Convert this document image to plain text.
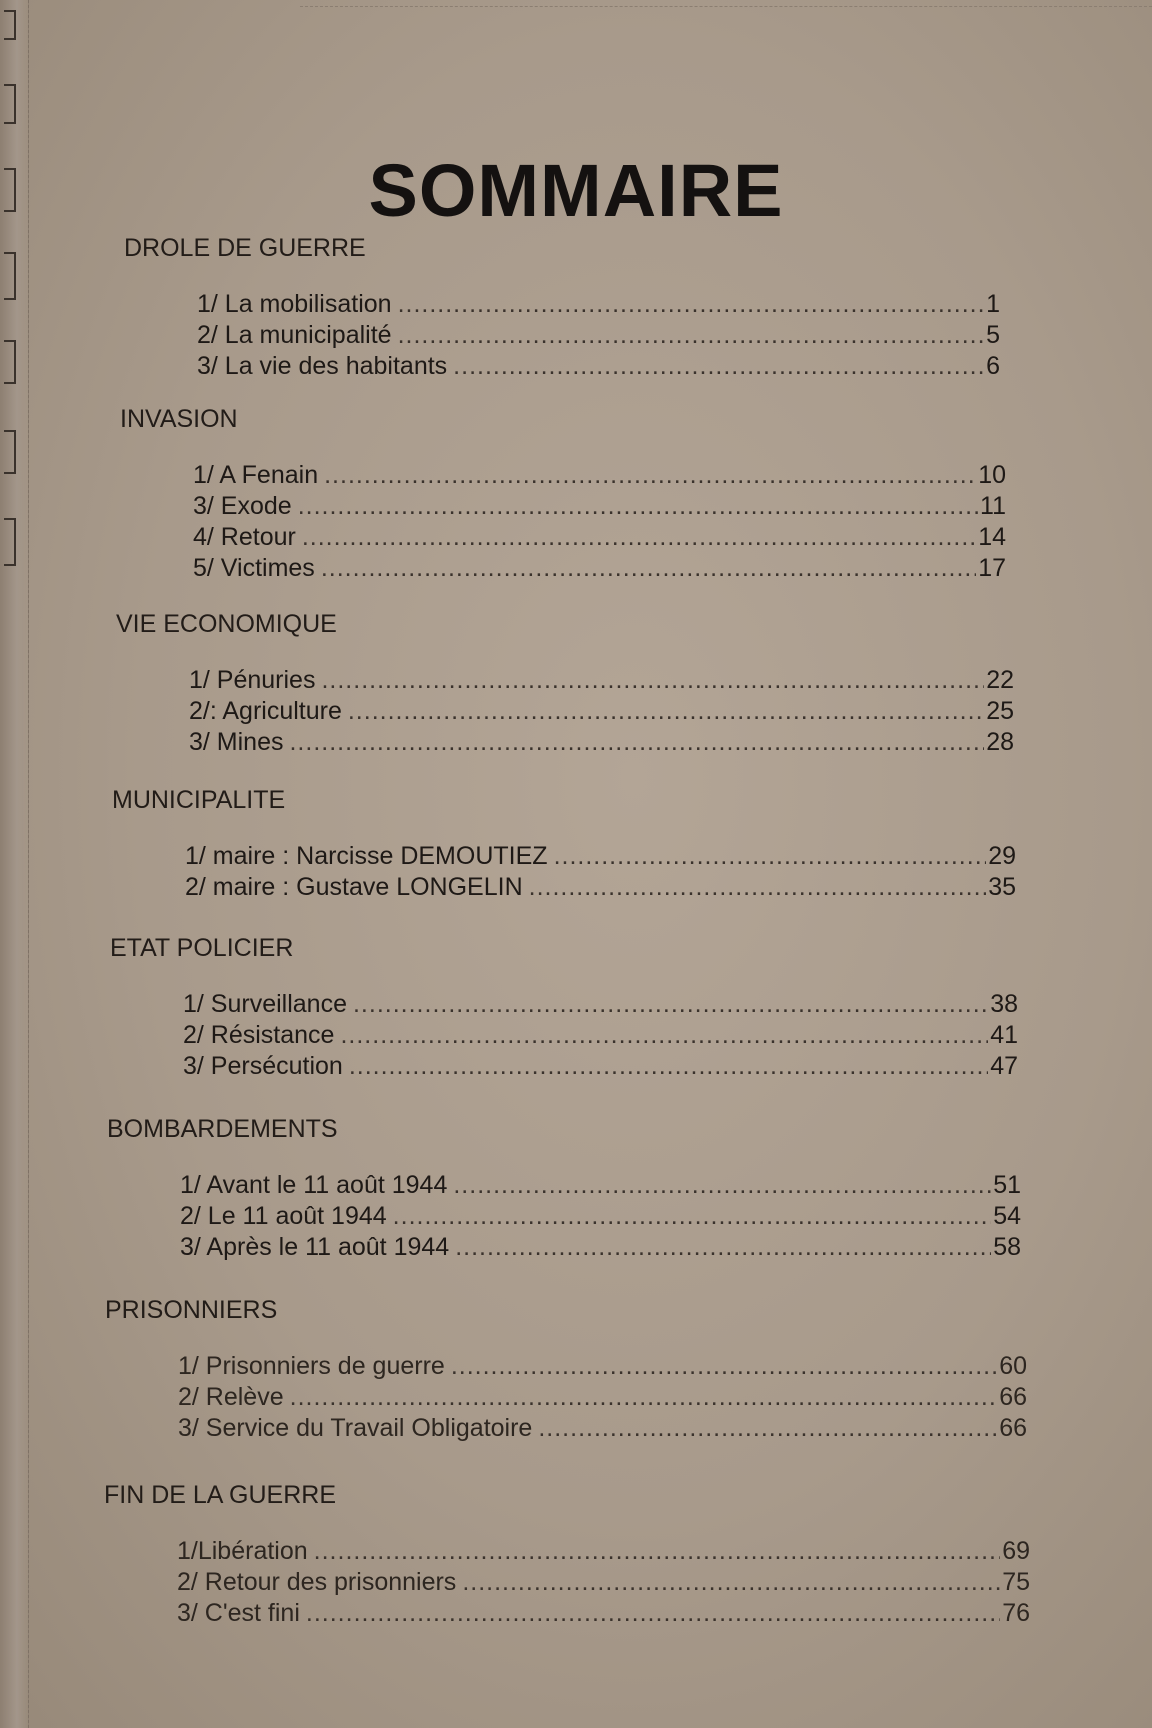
SOMMAIRE
DROLE DE GUERRE
1/ La mobilisation .....	1
2/ La municipalité .....	5
3/ La vie des habitants .....	6
INVASION
1/ A Fenain .....	10
3/ Exode .....	11
4/ Retour .....	14
5/ Victimes .....	17
VIE ECONOMIQUE
1/ Pénuries .....	22
2/: Agriculture .....	25
3/ Mines .....	28
MUNICIPALITE
1/ maire : Narcisse DEMOUTIEZ .....	29
2/ maire : Gustave LONGELIN .....	35
ETAT POLICIER
1/ Surveillance .....	38
2/ Résistance .....	41
3/ Persécution .....	47
BOMBARDEMENTS
1/ Avant le 11 août 1944 .....	51
2/ Le 11 août 1944 .....	54
3/ Après le 11 août 1944 .....	58
PRISONNIERS
1/ Prisonniers de guerre .....	60
2/ Relève .....	66
3/ Service du Travail Obligatoire .....	66
FIN DE LA GUERRE
1/Libération .....	69
2/ Retour des prisonniers .....	75
3/ C'est fini .....	76
